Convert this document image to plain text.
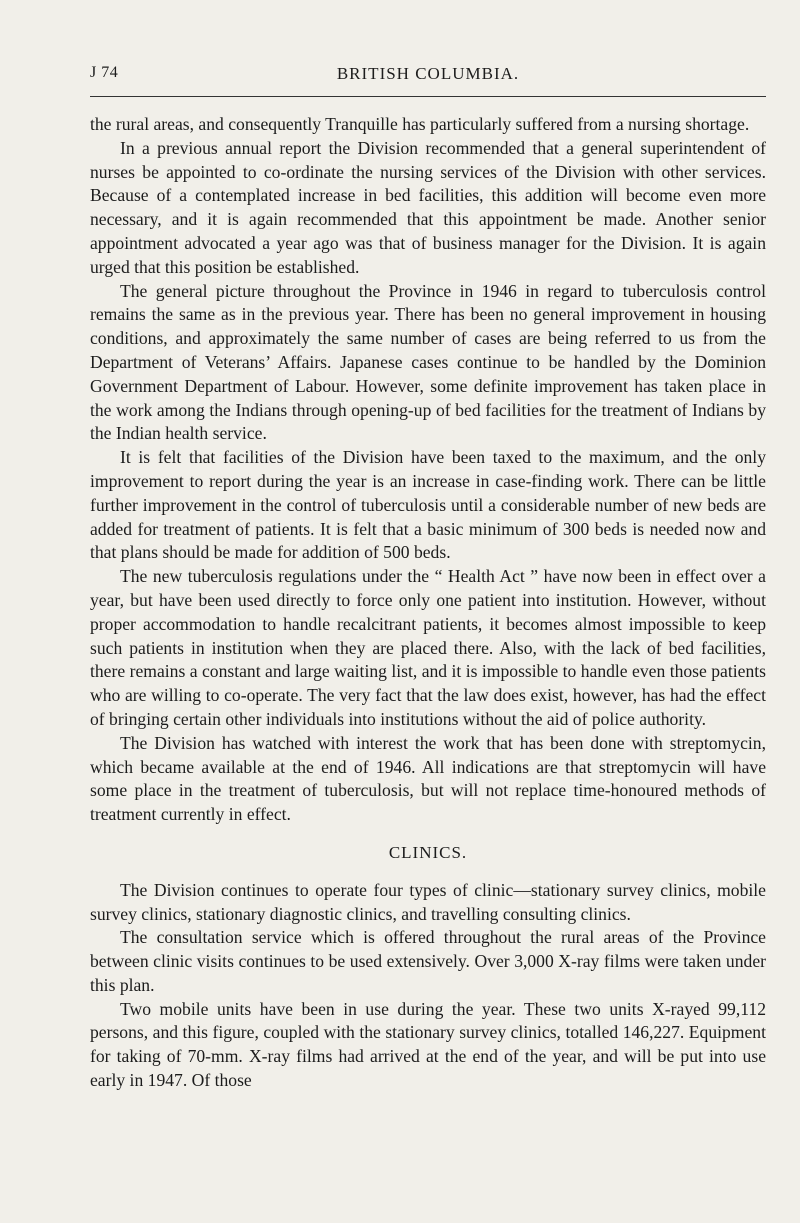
J 74	BRITISH COLUMBIA.

the rural areas, and consequently Tranquille has particularly suffered from a nursing shortage.

In a previous annual report the Division recommended that a general superintendent of nurses be appointed to co-ordinate the nursing services of the Division with other services. Because of a contemplated increase in bed facilities, this addition will become even more necessary, and it is again recommended that this appointment be made. Another senior appointment advocated a year ago was that of business manager for the Division. It is again urged that this position be established.

The general picture throughout the Province in 1946 in regard to tuberculosis control remains the same as in the previous year. There has been no general improvement in housing conditions, and approximately the same number of cases are being referred to us from the Department of Veterans’ Affairs. Japanese cases continue to be handled by the Dominion Government Department of Labour. However, some definite improvement has taken place in the work among the Indians through opening-up of bed facilities for the treatment of Indians by the Indian health service.

It is felt that facilities of the Division have been taxed to the maximum, and the only improvement to report during the year is an increase in case-finding work. There can be little further improvement in the control of tuberculosis until a considerable number of new beds are added for treatment of patients. It is felt that a basic minimum of 300 beds is needed now and that plans should be made for addition of 500 beds.

The new tuberculosis regulations under the “ Health Act ” have now been in effect over a year, but have been used directly to force only one patient into institution. However, without proper accommodation to handle recalcitrant patients, it becomes almost impossible to keep such patients in institution when they are placed there. Also, with the lack of bed facilities, there remains a constant and large waiting list, and it is impossible to handle even those patients who are willing to co-operate. The very fact that the law does exist, however, has had the effect of bringing certain other individuals into institutions without the aid of police authority.

The Division has watched with interest the work that has been done with streptomycin, which became available at the end of 1946. All indications are that streptomycin will have some place in the treatment of tuberculosis, but will not replace time-honoured methods of treatment currently in effect.

CLINICS.

The Division continues to operate four types of clinic—stationary survey clinics, mobile survey clinics, stationary diagnostic clinics, and travelling consulting clinics.

The consultation service which is offered throughout the rural areas of the Province between clinic visits continues to be used extensively. Over 3,000 X-ray films were taken under this plan.

Two mobile units have been in use during the year. These two units X-rayed 99,112 persons, and this figure, coupled with the stationary survey clinics, totalled 146,227. Equipment for taking of 70-mm. X-ray films had arrived at the end of the year, and will be put into use early in 1947. Of those
